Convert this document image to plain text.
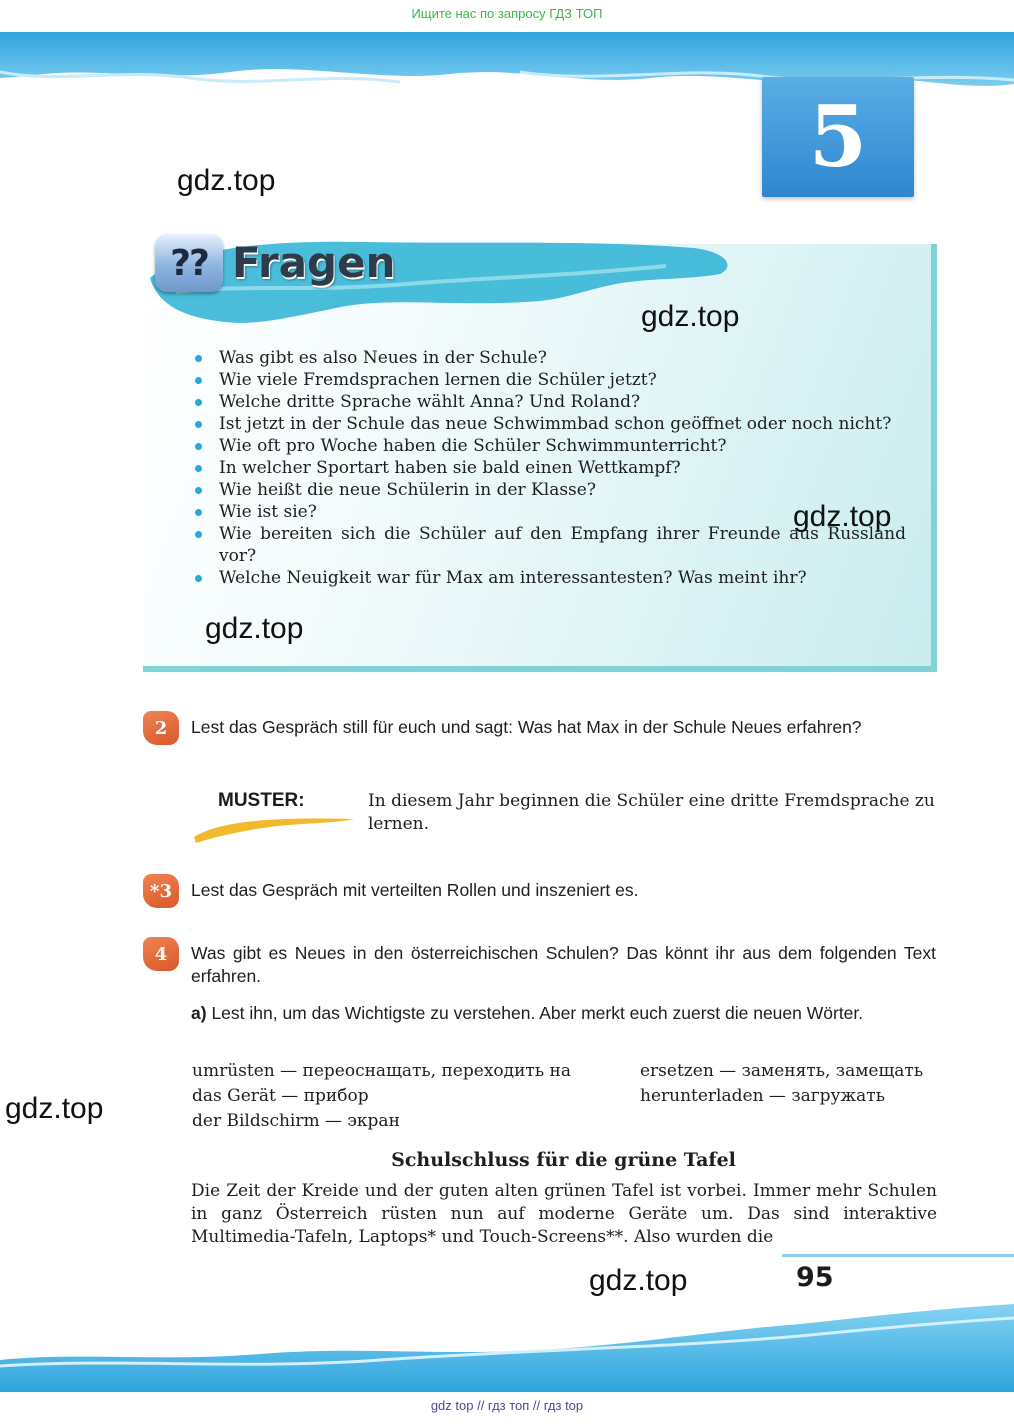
Ищите нас по запросу ГДЗ ТОП
5
gdz.top
?? Fragen
gdz.top
Was gibt es also Neues in der Schule?
Wie viele Fremdsprachen lernen die Schüler jetzt?
Welche dritte Sprache wählt Anna? Und Roland?
Ist jetzt in der Schule das neue Schwimmbad schon geöffnet oder noch nicht?
Wie oft pro Woche haben die Schüler Schwimmunterricht?
In welcher Sportart haben sie bald einen Wettkampf?
Wie heißt die neue Schülerin in der Klasse?
Wie ist sie?
Wie bereiten sich die Schüler auf den Empfang ihrer Freunde aus Russland vor?
Welche Neuigkeit war für Max am interessantesten? Was meint ihr?
gdz.top
gdz.top
2	Lest das Gespräch still für euch und sagt: Was hat Max in der Schule Neues erfahren?
MUSTER:	In diesem Jahr beginnen die Schüler eine dritte Fremdsprache zu lernen.
*3	Lest das Gespräch mit verteilten Rollen und inszeniert es.
4	Was gibt es Neues in den österreichischen Schulen? Das könnt ihr aus dem folgenden Text erfahren.
a) Lest ihn, um das Wichtigste zu verstehen. Aber merkt euch zuerst die neuen Wörter.
umrüsten — переоснащать, переходить на
das Gerät — прибор
der Bildschirm — экран
ersetzen — заменять, замещать
herunterladen — загружать
gdz.top
Schulschluss für die grüne Tafel
Die Zeit der Kreide und der guten alten grünen Tafel ist vorbei. Immer mehr Schulen in ganz Österreich rüsten nun auf moderne Geräte um. Das sind interaktive Multimedia-Tafeln, Laptops* und Touch-Screens**. Also wurden die
gdz.top	95
gdz top // гдз топ // гдз top
